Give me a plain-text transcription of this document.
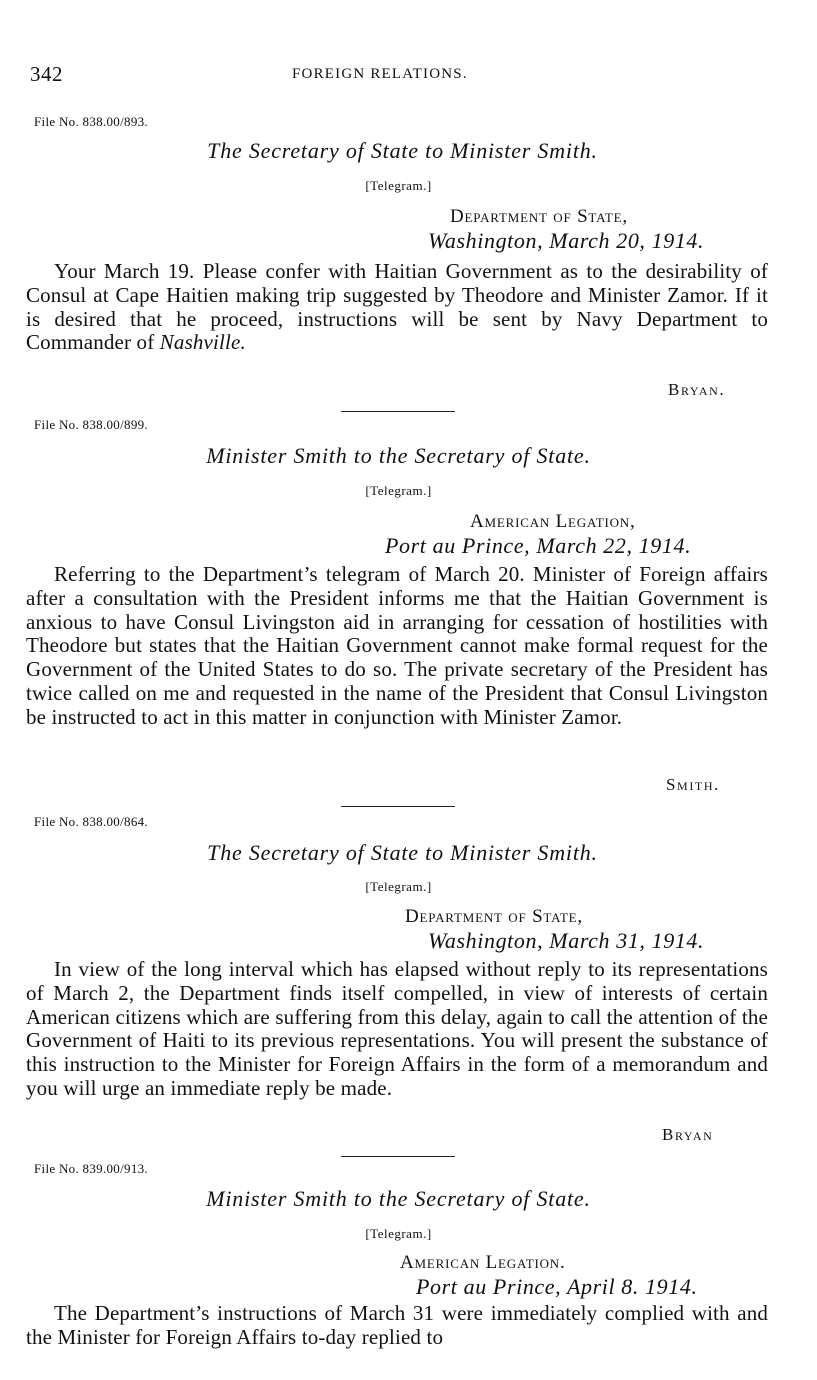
342	FOREIGN RELATIONS.
File No. 838.00/893.
The Secretary of State to Minister Smith.
[Telegram.]
Department of State,
Washington, March 20, 1914.
Your March 19. Please confer with Haitian Government as to the desirability of Consul at Cape Haitien making trip suggested by Theodore and Minister Zamor. If it is desired that he proceed, instructions will be sent by Navy Department to Commander of Nashville.
Bryan.
File No. 838.00/899.
Minister Smith to the Secretary of State.
[Telegram.]
American Legation,
Port au Prince, March 22, 1914.
Referring to the Department’s telegram of March 20. Minister of Foreign affairs after a consultation with the President informs me that the Haitian Government is anxious to have Consul Livingston aid in arranging for cessation of hostilities with Theodore but states that the Haitian Government cannot make formal request for the Government of the United States to do so. The private secretary of the President has twice called on me and requested in the name of the President that Consul Livingston be instructed to act in this matter in conjunction with Minister Zamor.
Smith.
File No. 838.00/864.
The Secretary of State to Minister Smith.
[Telegram.]
Department of State,
Washington, March 31, 1914.
In view of the long interval which has elapsed without reply to its representations of March 2, the Department finds itself compelled, in view of interests of certain American citizens which are suffering from this delay, again to call the attention of the Government of Haiti to its previous representations. You will present the substance of this instruction to the Minister for Foreign Affairs in the form of a memorandum and you will urge an immediate reply be made.
Bryan
File No. 839.00/913.
Minister Smith to the Secretary of State.
[Telegram.]
American Legation.
Port au Prince, April 8. 1914.
The Department’s instructions of March 31 were immediately complied with and the Minister for Foreign Affairs to-day replied to
